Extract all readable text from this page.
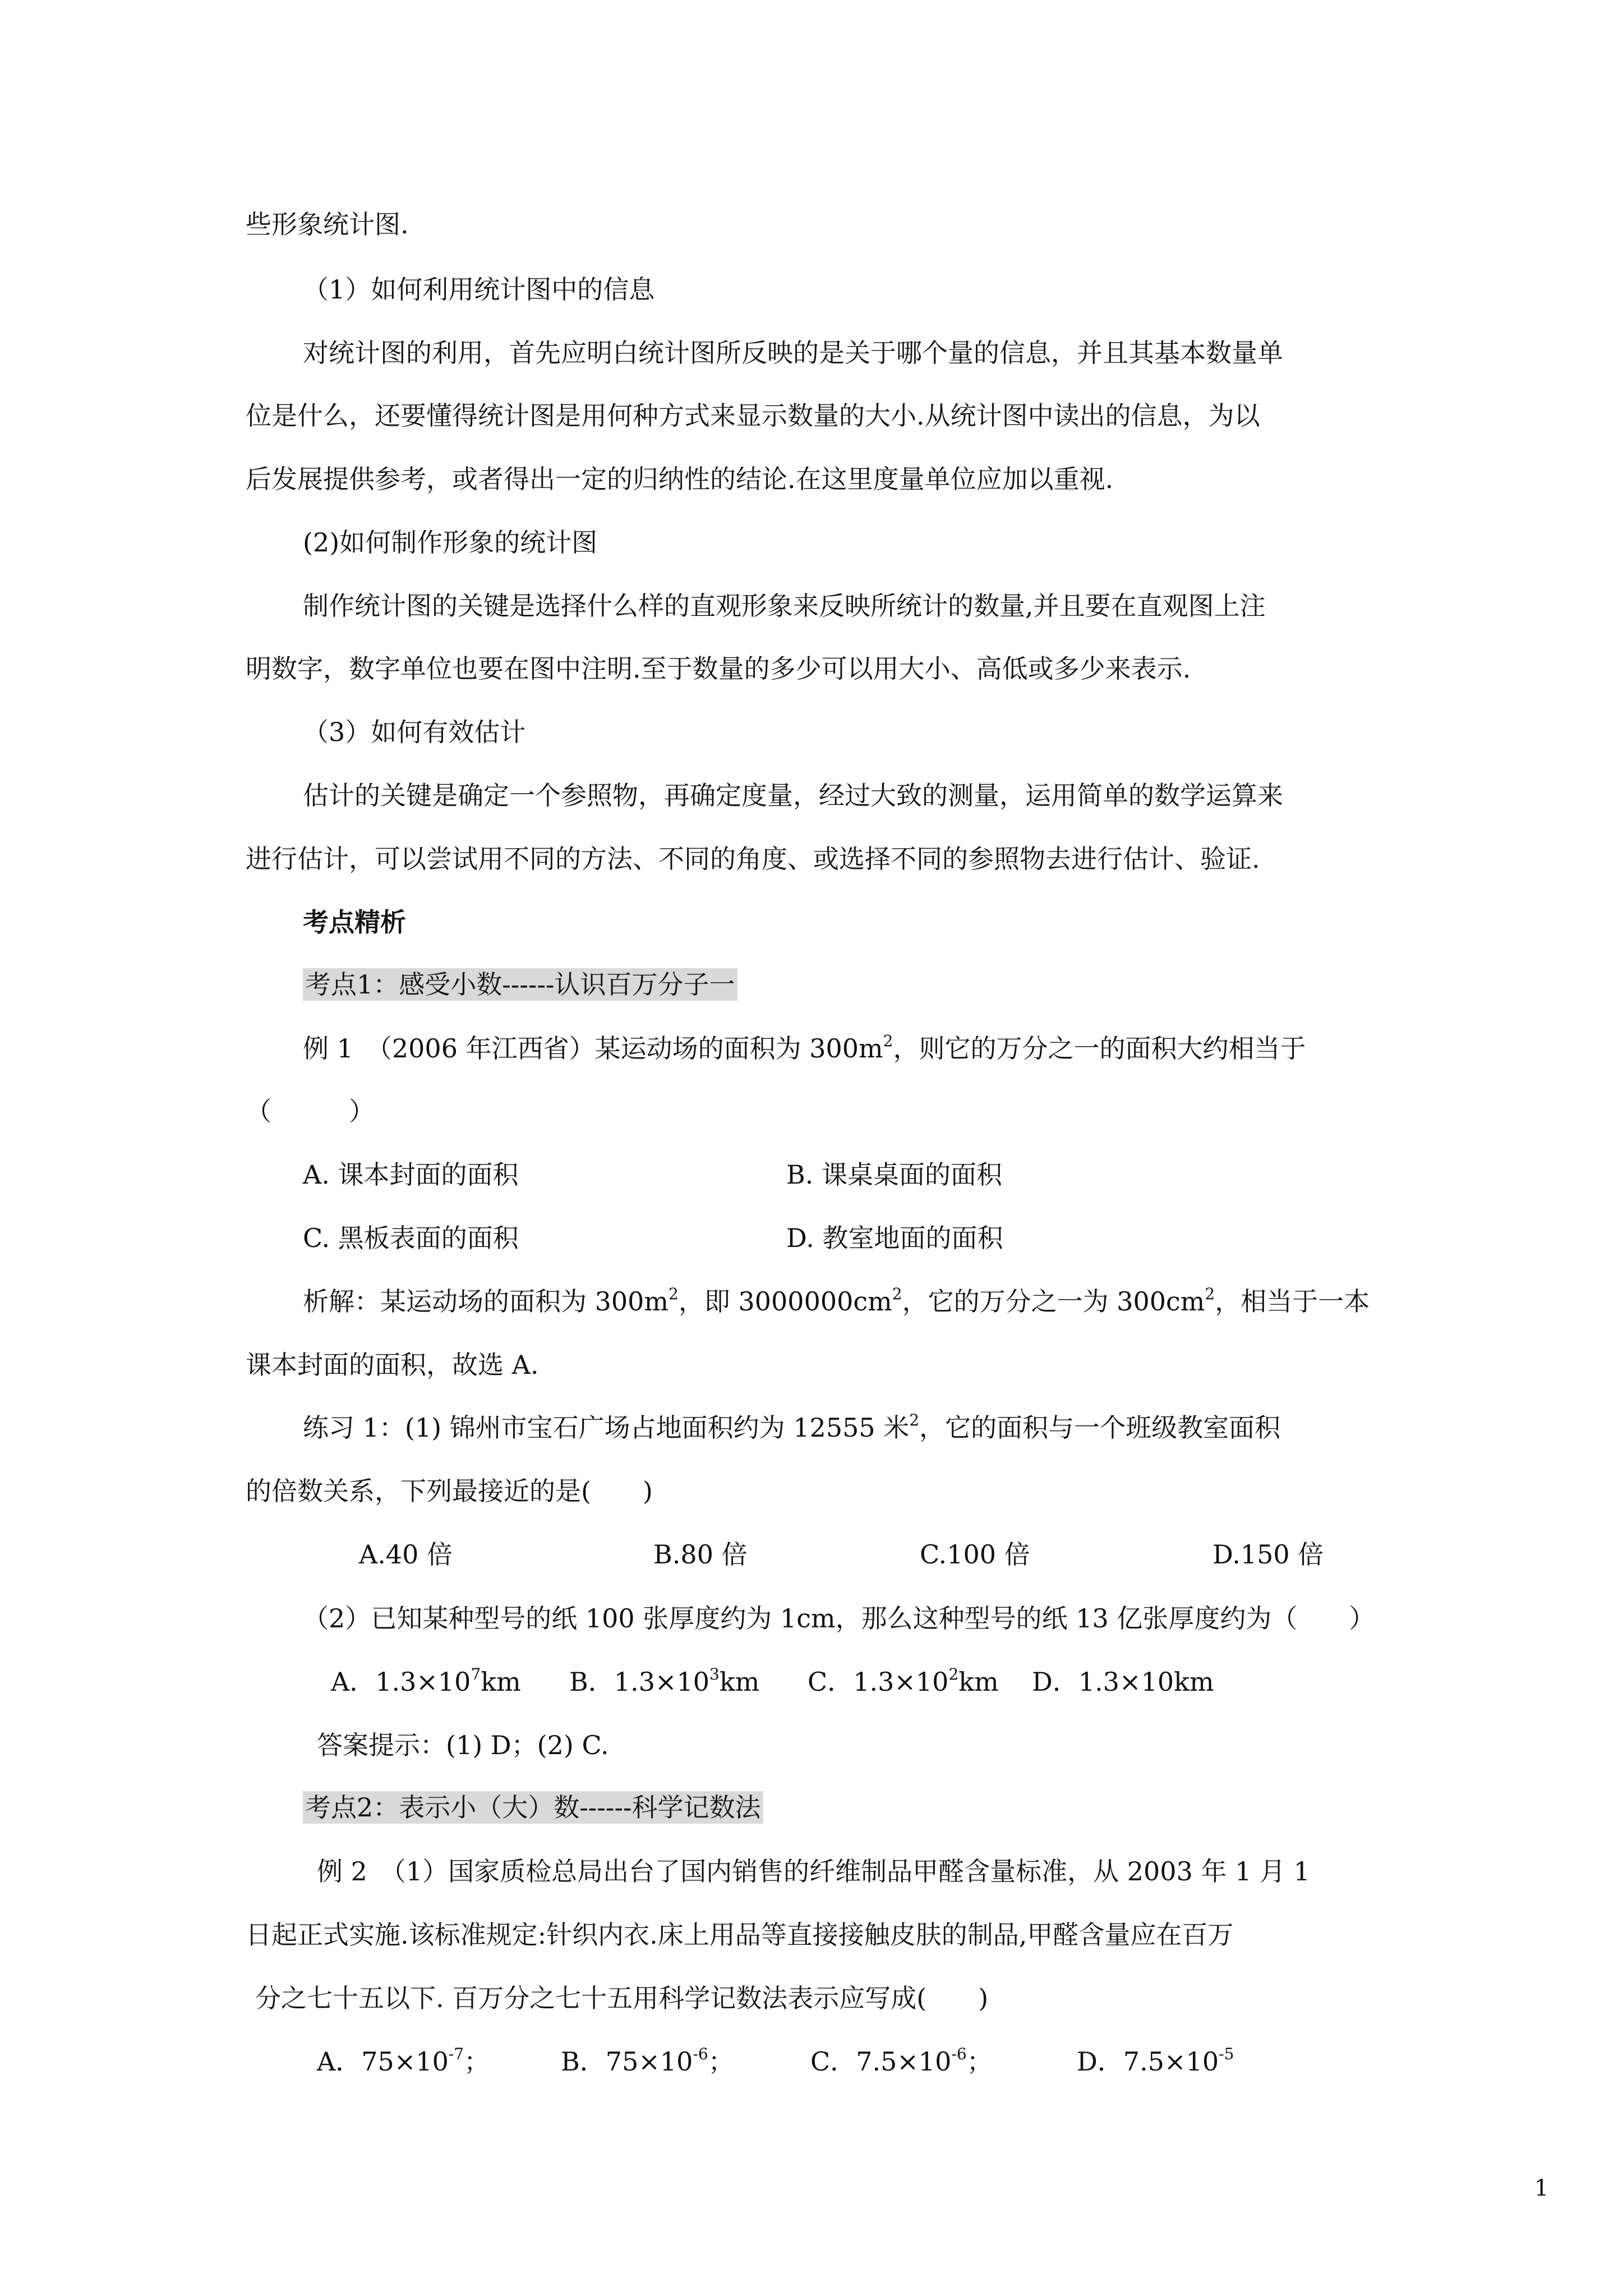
些形象统计图.
（1）如何利用统计图中的信息
对统计图的利用，首先应明白统计图所反映的是关于哪个量的信息，并且其基本数量单
位是什么，还要懂得统计图是用何种方式来显示数量的大小.从统计图中读出的信息，为以
后发展提供参考，或者得出一定的归纳性的结论.在这里度量单位应加以重视.
(2)如何制作形象的统计图
制作统计图的关键是选择什么样的直观形象来反映所统计的数量,并且要在直观图上注
明数字，数字单位也要在图中注明.至于数量的多少可以用大小、高低或多少来表示.
（3）如何有效估计
估计的关键是确定一个参照物，再确定度量，经过大致的测量，运用简单的数学运算来
进行估计，可以尝试用不同的方法、不同的角度、或选择不同的参照物去进行估计、验证.
考点精析
考点1：感受小数------认识百万分子一
例 1　（2006 年江西省）某运动场的面积为 $300m^2$，则它的万分之一的面积大约相当于
（　　　）
A. 课本封面的面积	B. 课桌桌面的面积
C. 黑板表面的面积	D. 教室地面的面积
析解：某运动场的面积为 $300m^2$，即 $3000000cm^2$，它的万分之一为 $300cm^2$，相当于一本
课本封面的面积，故选 A.
练习 1：(1) 锦州市宝石广场占地面积约为 12555 米$^2$，它的面积与一个班级教室面积
的倍数关系，下列最接近的是(　　)
A.40 倍	B.80 倍	C.100 倍	D.150 倍
（2）已知某种型号的纸 100 张厚度约为 1cm，那么这种型号的纸 13 亿张厚度约为（　　）
A．$1.3\times 10^7km$ B．$1.3\times 10^3km$ C．$1.3\times 10^2km$ D．1.3×10km
答案提示：(1) D；(2) C.
考点2：表示小（大）数------科学记数法
例 2　（1）国家质检总局出台了国内销售的纤维制品甲醛含量标准，从 2003 年 1 月 1
日起正式实施.该标准规定:针织内衣.床上用品等直接接触皮肤的制品,甲醛含量应在百万
分之七十五以下. 百万分之七十五用科学记数法表示应写成(　　)
A．$75\times 10^{-7}$；	B．$75\times 10^{-6}$；	C．$7.5\times 10^{-6}$；	D．$7.5\times 10^{-5}$
1
